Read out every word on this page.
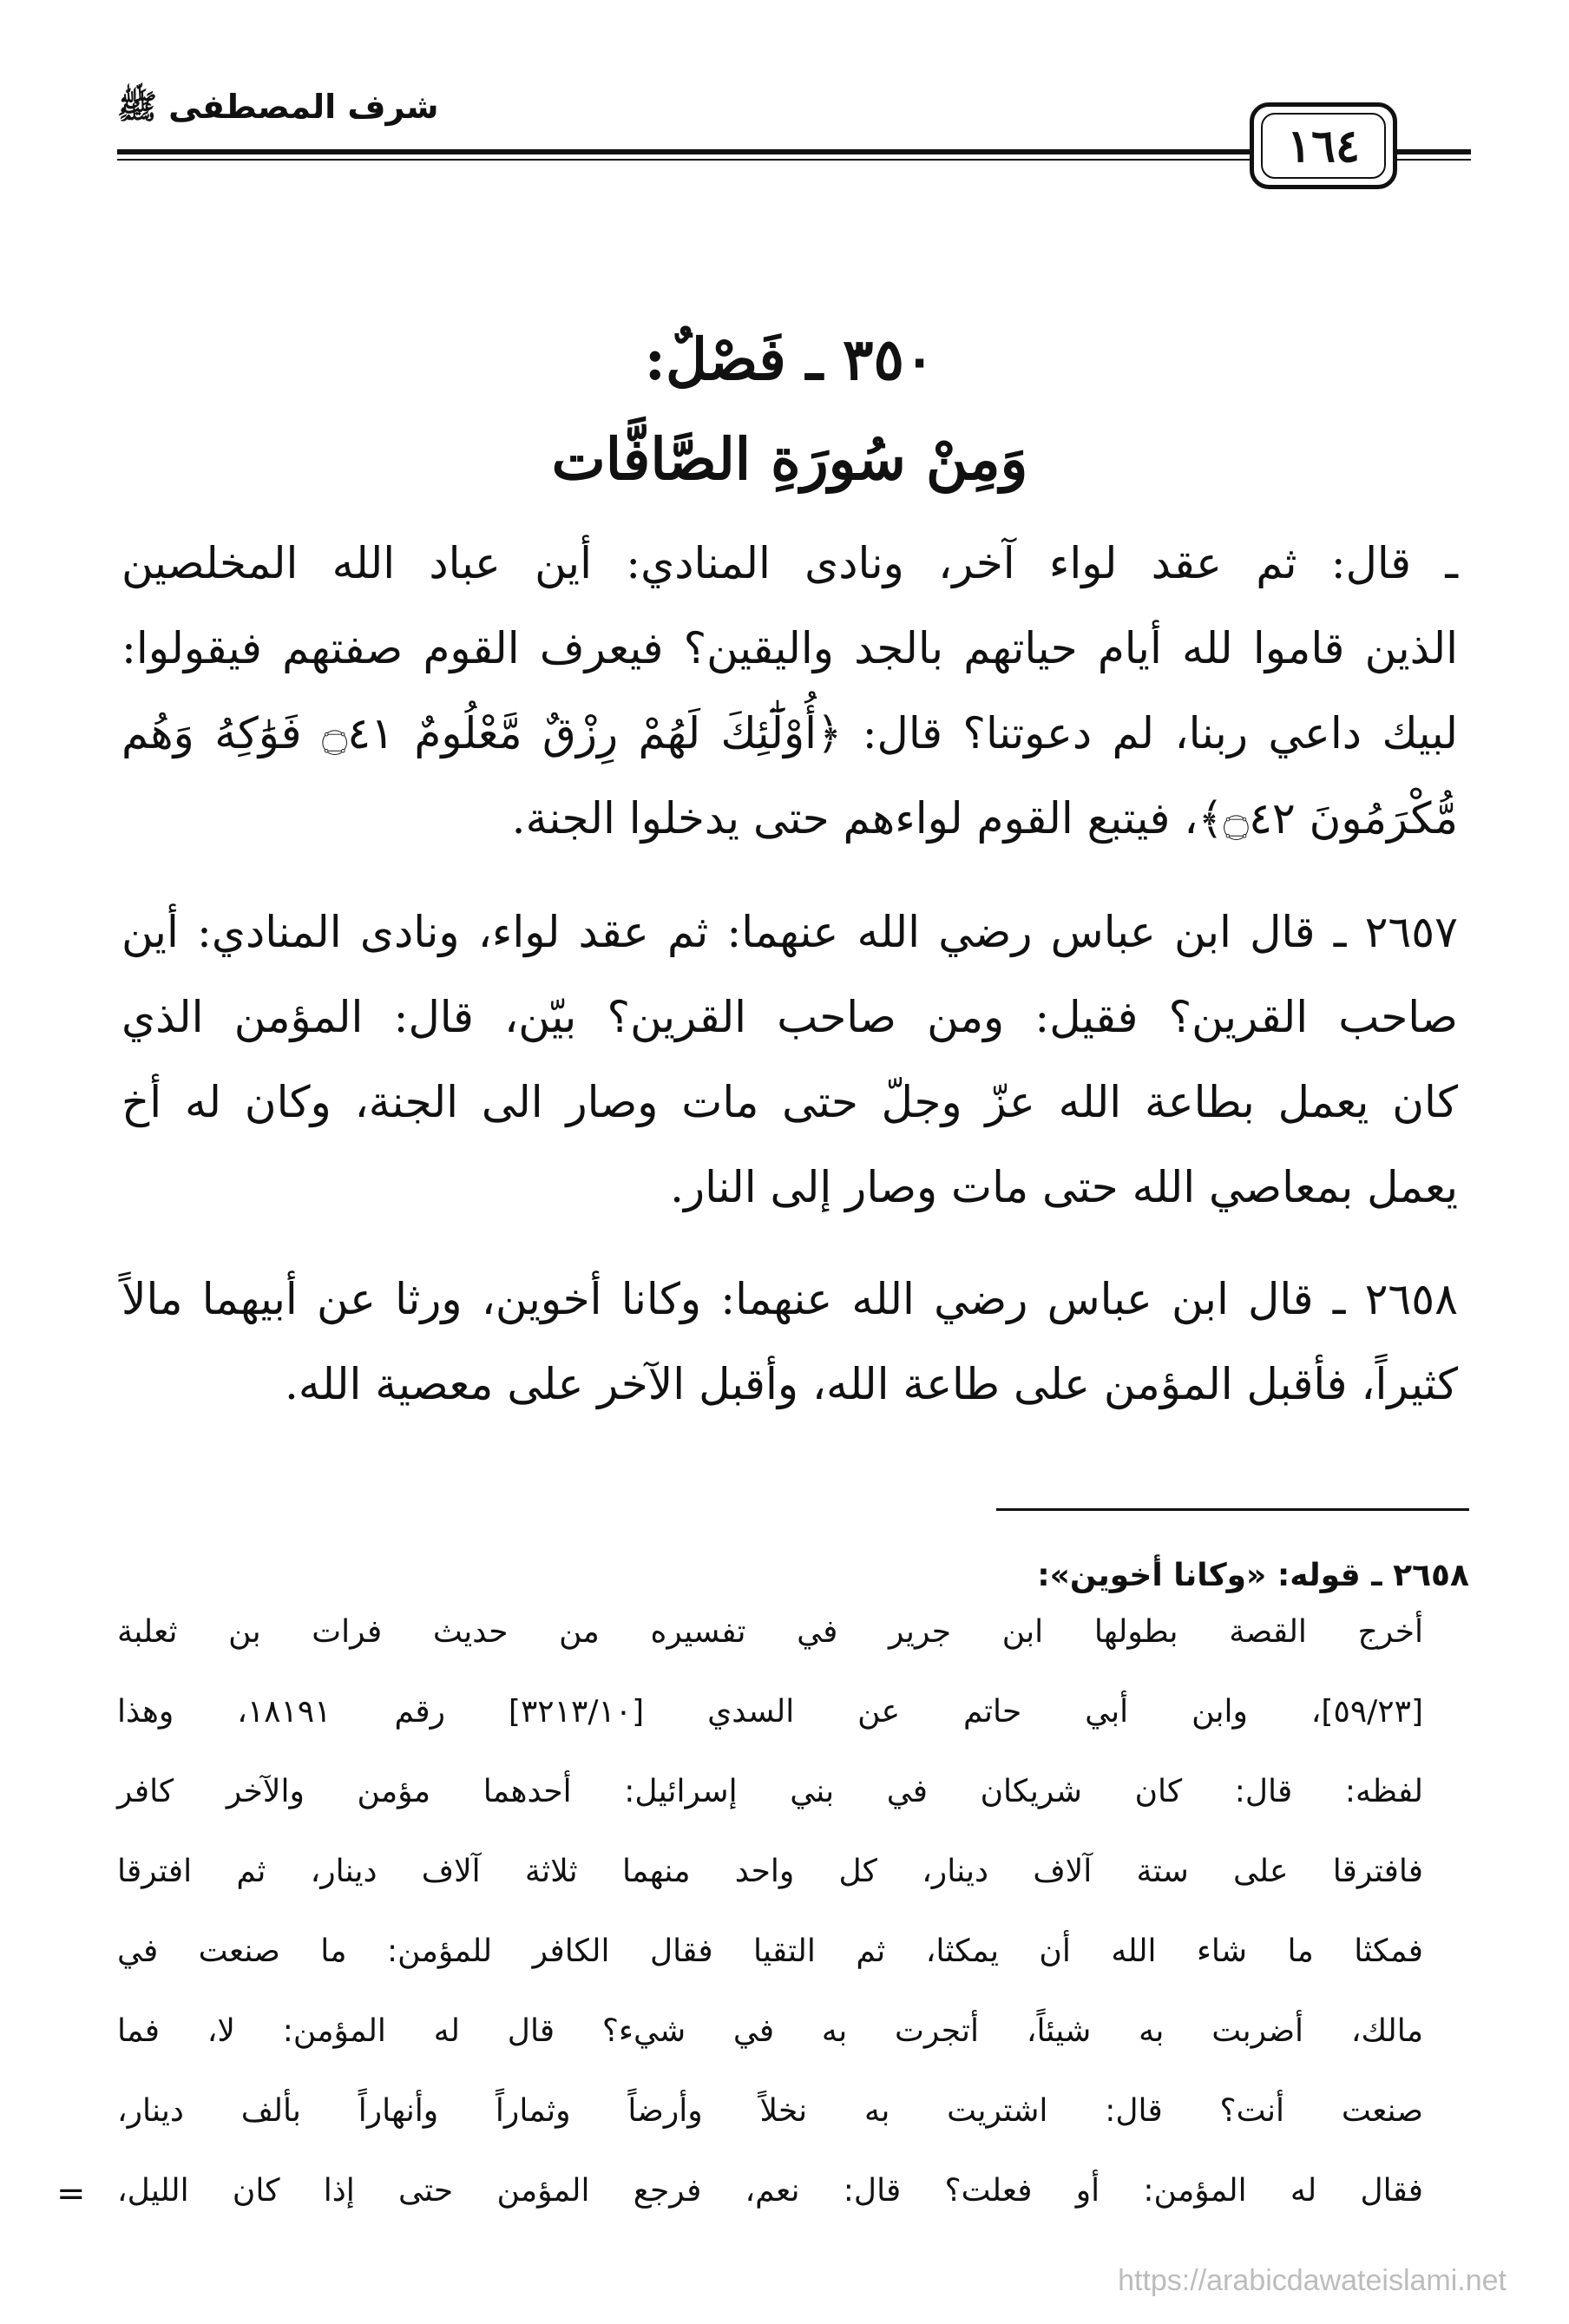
شرف المصطفى ﷺ
١٦٤
٣٥٠ ـ فَصْلٌ:
وَمِنْ سُورَةِ الصَّافَّات
ـ قال: ثم عقد لواء آخر، ونادى المنادي: أين عباد الله المخلصين
الذين قاموا لله أيام حياتهم بالجد واليقين؟ فيعرف القوم صفتهم فيقولوا:
لبيك داعي ربنا، لم دعوتنا؟ قال: ﴿أُوْلَٰٓئِكَ لَهُمْ رِزْقٌ مَّعْلُومٌ ۝٤١ فَوَٰكِهُ وَهُم
مُّكْرَمُونَ ۝٤٢﴾، فيتبع القوم لواءهم حتى يدخلوا الجنة.
٢٦٥٧ ـ قال ابن عباس رضي الله عنهما: ثم عقد لواء، ونادى المنادي: أين
صاحب القرين؟ فقيل: ومن صاحب القرين؟ بيّن، قال: المؤمن الذي
كان يعمل بطاعة الله عزّ وجلّ حتى مات وصار الى الجنة، وكان له أخ
يعمل بمعاصي الله حتى مات وصار إلى النار.
٢٦٥٨ ـ قال ابن عباس رضي الله عنهما: وكانا أخوين، ورثا عن أبيهما مالاً
كثيراً، فأقبل المؤمن على طاعة الله، وأقبل الآخر على معصية الله.
٢٦٥٨ ـ قوله: «وكانا أخوين»:
أخرج القصة بطولها ابن جرير في تفسيره من حديث فرات بن ثعلبة
[٥٩/٢٣]، وابن أبي حاتم عن السدي [٣٢١٣/١٠] رقم ١٨١٩١، وهذا
لفظه: قال: كان شريكان في بني إسرائيل: أحدهما مؤمن والآخر كافر
فافترقا على ستة آلاف دينار، كل واحد منهما ثلاثة آلاف دينار، ثم افترقا
فمكثا ما شاء الله أن يمكثا، ثم التقيا فقال الكافر للمؤمن: ما صنعت في
مالك، أضربت به شيئاً، أتجرت به في شيء؟ قال له المؤمن: لا، فما
صنعت أنت؟ قال: اشتريت به نخلاً وأرضاً وثماراً وأنهاراً بألف دينار،
فقال له المؤمن: أو فعلت؟ قال: نعم، فرجع المؤمن حتى إذا كان الليل،
=
https://arabicdawateislami.net
